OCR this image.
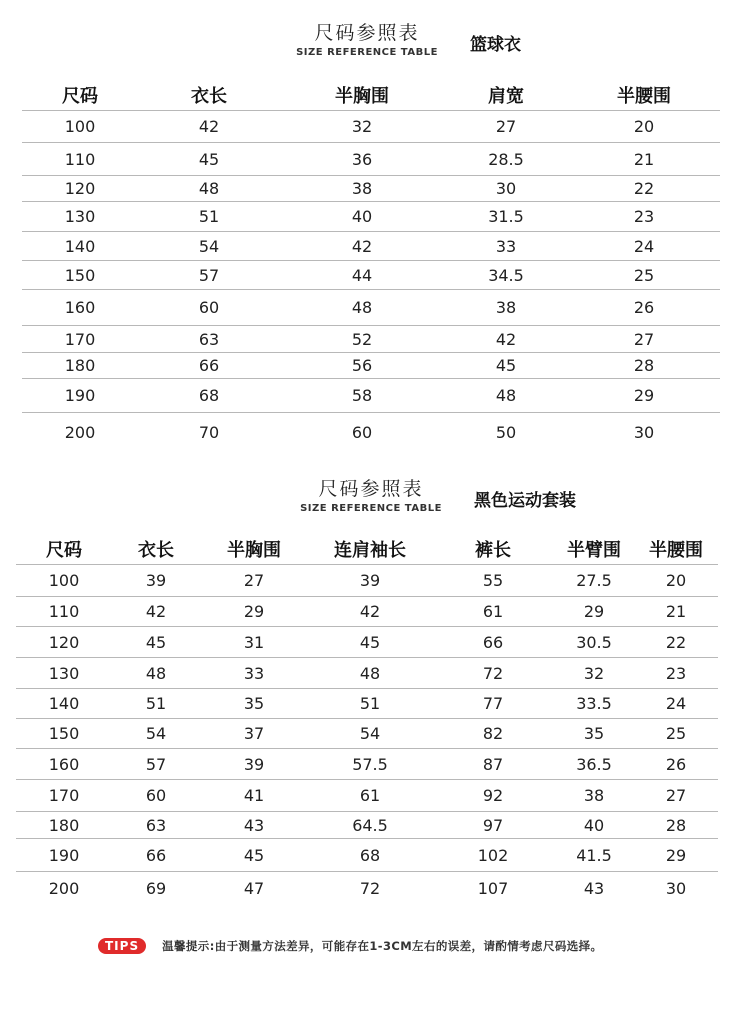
尺码参照表
SIZE REFERENCE TABLE 篮球衣
尺码	衣长	半胸围	肩宽	半腰围
100	42	32	27	20
110	45	36	28.5	21
120	48	38	30	22
130	51	40	31.5	23
140	54	42	33	24
150	57	44	34.5	25
160	60	48	38	26
170	63	52	42	27
180	66	56	45	28
190	68	58	48	29
200	70	60	50	30
尺码参照表
SIZE REFERENCE TABLE 黑色运动套装
尺码	衣长	半胸围	连肩袖长	裤长	半臂围	半腰围
100	39	27	39	55	27.5	20
110	42	29	42	61	29	21
120	45	31	45	66	30.5	22
130	48	33	48	72	32	23
140	51	35	51	77	33.5	24
150	54	37	54	82	35	25
160	57	39	57.5	87	36.5	26
170	60	41	61	92	38	27
180	63	43	64.5	97	40	28
190	66	45	68	102	41.5	29
200	69	47	72	107	43	30
TIPS	温馨提示:由于测量方法差异，可能存在1-3CM左右的误差，请酌情考虑尺码选择。
